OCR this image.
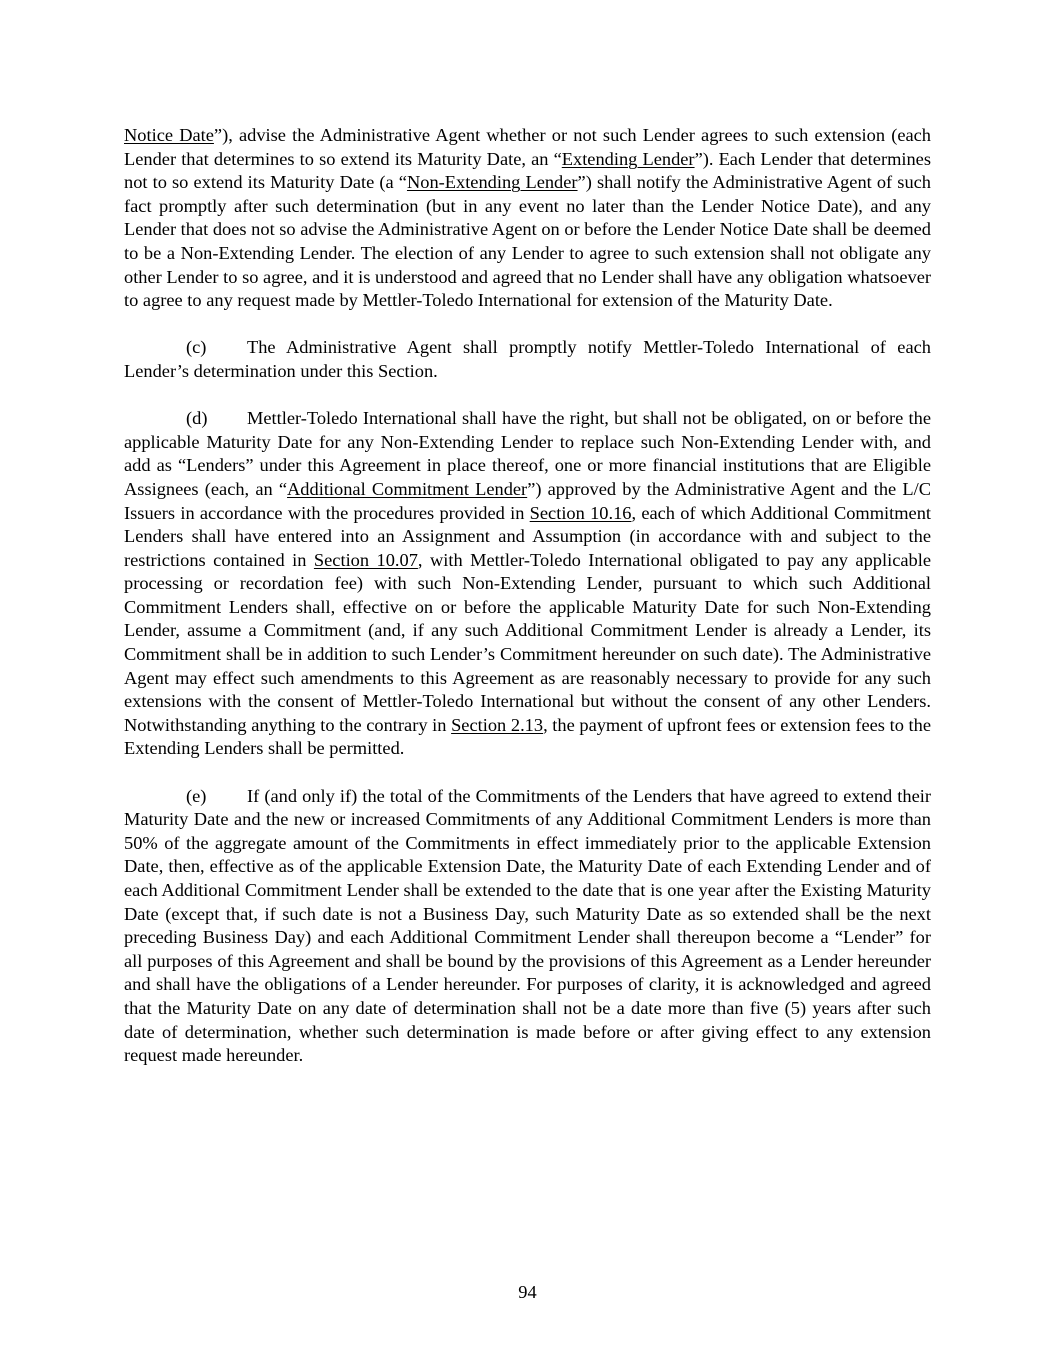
Notice Date”), advise the Administrative Agent whether or not such Lender agrees to such extension (each Lender that determines to so extend its Maturity Date, an “Extending Lender”). Each Lender that determines not to so extend its Maturity Date (a “Non-Extending Lender”) shall notify the Administrative Agent of such fact promptly after such determination (but in any event no later than the Lender Notice Date), and any Lender that does not so advise the Administrative Agent on or before the Lender Notice Date shall be deemed to be a Non-Extending Lender. The election of any Lender to agree to such extension shall not obligate any other Lender to so agree, and it is understood and agreed that no Lender shall have any obligation whatsoever to agree to any request made by Mettler-Toledo International for extension of the Maturity Date.

(c) The Administrative Agent shall promptly notify Mettler-Toledo International of each Lender’s determination under this Section.

(d) Mettler-Toledo International shall have the right, but shall not be obligated, on or before the applicable Maturity Date for any Non-Extending Lender to replace such Non-Extending Lender with, and add as “Lenders” under this Agreement in place thereof, one or more financial institutions that are Eligible Assignees (each, an “Additional Commitment Lender”) approved by the Administrative Agent and the L/C Issuers in accordance with the procedures provided in Section 10.16, each of which Additional Commitment Lenders shall have entered into an Assignment and Assumption (in accordance with and subject to the restrictions contained in Section 10.07, with Mettler-Toledo International obligated to pay any applicable processing or recordation fee) with such Non-Extending Lender, pursuant to which such Additional Commitment Lenders shall, effective on or before the applicable Maturity Date for such Non-Extending Lender, assume a Commitment (and, if any such Additional Commitment Lender is already a Lender, its Commitment shall be in addition to such Lender’s Commitment hereunder on such date). The Administrative Agent may effect such amendments to this Agreement as are reasonably necessary to provide for any such extensions with the consent of Mettler-Toledo International but without the consent of any other Lenders. Notwithstanding anything to the contrary in Section 2.13, the payment of upfront fees or extension fees to the Extending Lenders shall be permitted.

(e) If (and only if) the total of the Commitments of the Lenders that have agreed to extend their Maturity Date and the new or increased Commitments of any Additional Commitment Lenders is more than 50% of the aggregate amount of the Commitments in effect immediately prior to the applicable Extension Date, then, effective as of the applicable Extension Date, the Maturity Date of each Extending Lender and of each Additional Commitment Lender shall be extended to the date that is one year after the Existing Maturity Date (except that, if such date is not a Business Day, such Maturity Date as so extended shall be the next preceding Business Day) and each Additional Commitment Lender shall thereupon become a “Lender” for all purposes of this Agreement and shall be bound by the provisions of this Agreement as a Lender hereunder and shall have the obligations of a Lender hereunder. For purposes of clarity, it is acknowledged and agreed that the Maturity Date on any date of determination shall not be a date more than five (5) years after such date of determination, whether such determination is made before or after giving effect to any extension request made hereunder.

94
